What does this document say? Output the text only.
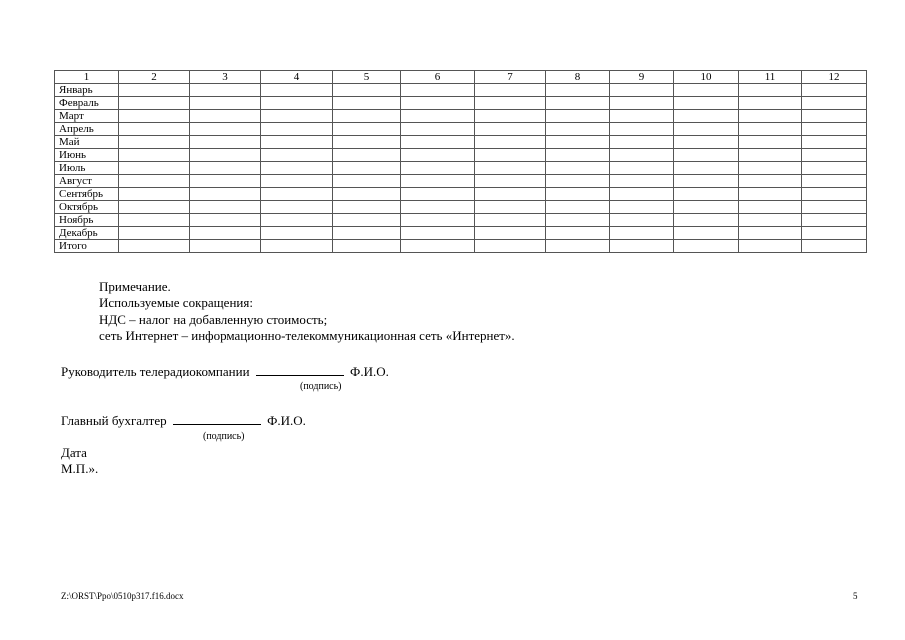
1	2	3	4	5	6	7	8	9	10	11	12
Январь											
Февраль											
Март											
Апрель											
Май											
Июнь											
Июль											
Август											
Сентябрь											
Октябрь											
Ноябрь											
Декабрь											
Итого											
Примечание.
Используемые сокращения:
НДС – налог на добавленную стоимость;
сеть Интернет – информационно-телекоммуникационная сеть «Интернет».
Руководитель телерадиокомпании	Ф.И.О.
(подпись)
Главный бухгалтер	Ф.И.О.
(подпись)
Дата
М.П.».
Z:\ORST\Ppo\0510p317.f16.docx	5
